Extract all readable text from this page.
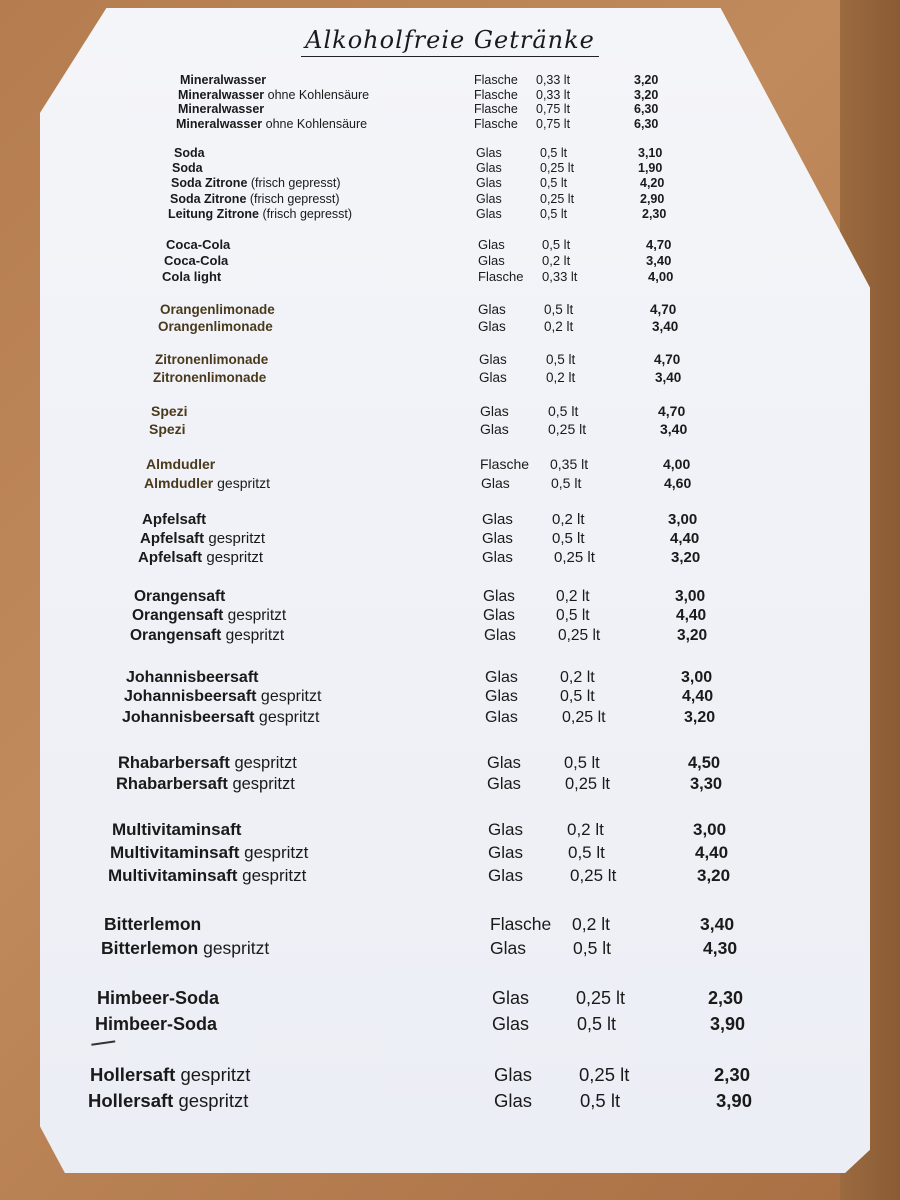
Alkoholfreie Getränke
Mineralwasser	Flasche 0,33 lt	3,20
Mineralwasser ohne Kohlensäure	Flasche 0,33 lt	3,20
Mineralwasser	Flasche 0,75 lt	6,30
Mineralwasser ohne Kohlensäure	Flasche 0,75 lt	6,30
Soda	Glas	0,5 lt	3,10
Soda	Glas	0,25 lt	1,90
Soda Zitrone (frisch gepresst)	Glas	0,5 lt	4,20
Soda Zitrone (frisch gepresst)	Glas	0,25 lt	2,90
Leitung Zitrone (frisch gepresst)	Glas	0,5 lt	2,30
Coca-Cola	Glas	0,5 lt	4,70
Coca-Cola	Glas	0,2 lt	3,40
Cola light	Flasche 0,33 lt	4,00
Orangenlimonade	Glas	0,5 lt	4,70
Orangenlimonade	Glas	0,2 lt	3,40
Zitronenlimonade	Glas	0,5 lt	4,70
Zitronenlimonade	Glas	0,2 lt	3,40
Spezi	Glas	0,5 lt	4,70
Spezi	Glas	0,25 lt	3,40
Almdudler	Flasche 0,35 lt	4,00
Almdudler gespritzt	Glas	0,5 lt	4,60
Apfelsaft	Glas	0,2 lt	3,00
Apfelsaft gespritzt	Glas	0,5 lt	4,40
Apfelsaft gespritzt	Glas	0,25 lt	3,20
Orangensaft	Glas	0,2 lt	3,00
Orangensaft gespritzt	Glas	0,5 lt	4,40
Orangensaft gespritzt	Glas	0,25 lt	3,20
Johannisbeersaft	Glas	0,2 lt	3,00
Johannisbeersaft gespritzt	Glas	0,5 lt	4,40
Johannisbeersaft gespritzt	Glas	0,25 lt	3,20
Rhabarbersaft gespritzt	Glas	0,5 lt	4,50
Rhabarbersaft gespritzt	Glas	0,25 lt	3,30
Multivitaminsaft	Glas	0,2 lt	3,00
Multivitaminsaft gespritzt	Glas	0,5 lt	4,40
Multivitaminsaft gespritzt	Glas	0,25 lt	3,20
Bitterlemon	Flasche 0,2 lt	3,40
Bitterlemon gespritzt	Glas	0,5 lt	4,30
Himbeer-Soda	Glas	0,25 lt	2,30
Himbeer-Soda	Glas	0,5 lt	3,90
Hollersaft gespritzt	Glas	0,25 lt	2,30
Hollersaft gespritzt	Glas	0,5 lt	3,90
